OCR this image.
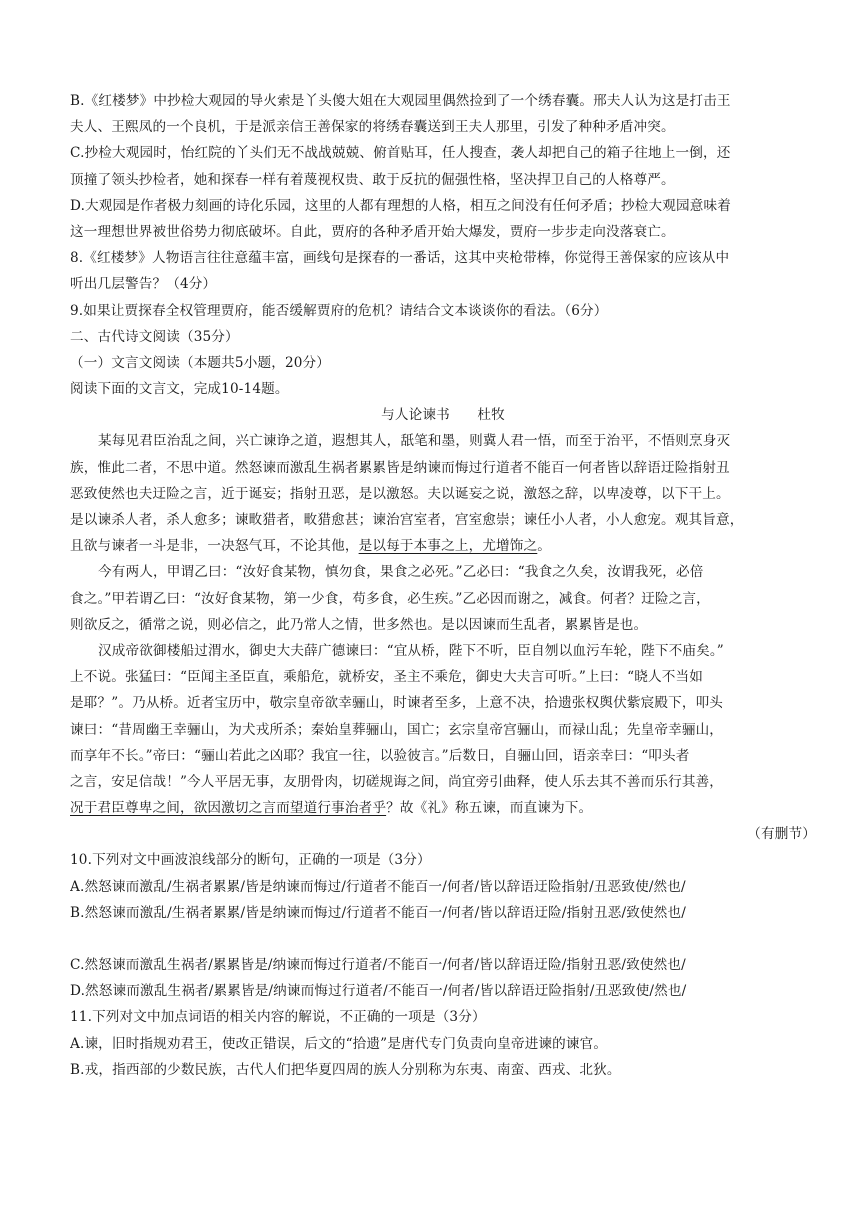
B.《红楼梦》中抄检大观园的导火索是丫头傻大姐在大观园里偶然捡到了一个绣春囊。邢夫人认为这是打击王
夫人、王熙凤的一个良机，于是派亲信王善保家的将绣春囊送到王夫人那里，引发了种种矛盾冲突。
C.抄检大观园时，怡红院的丫头们无不战战兢兢、俯首贴耳，任人搜查，袭人却把自己的箱子往地上一倒，还
顶撞了领头抄检者，她和探春一样有着蔑视权贵、敢于反抗的倔强性格，坚决捍卫自己的人格尊严。
D.大观园是作者极力刻画的诗化乐园，这里的人都有理想的人格，相互之间没有任何矛盾；抄检大观园意味着
这一理想世界被世俗势力彻底破坏。自此，贾府的各种矛盾开始大爆发，贾府一步步走向没落衰亡。
8.《红楼梦》人物语言往往意蕴丰富，画线句是探春的一番话，这其中夹枪带棒，你觉得王善保家的应该从中
听出几层警告？（4分）
9.如果让贾探春全权管理贾府，能否缓解贾府的危机？请结合文本谈谈你的看法。（6分）
二、古代诗文阅读（35分）
（一）文言文阅读（本题共5小题，20分）
阅读下面的文言文，完成10-14题。
与人论谏书　　杜牧
某每见君臣治乱之间，兴亡谏诤之道，遐想其人，舐笔和墨，则冀人君一悟，而至于治平，不悟则烹身灭
族，惟此二者，不思中道。然怒谏而激乱生祸者累累皆是纳谏而悔过行道者不能百一何者皆以辞语迂险指射丑
恶致使然也夫迂险之言，近于诞妄；指射丑恶，是以激怒。夫以诞妄之说，激怒之辞，以卑凌尊，以下干上。
是以谏杀人者，杀人愈多；谏畋猎者，畋猎愈甚；谏治宫室者，宫室愈崇；谏任小人者，小人愈宠。观其旨意，
且欲与谏者一斗是非，一决怒气耳，不论其他，是以每于本事之上，尤增饰之。
今有两人，甲谓乙曰：“汝好食某物，慎勿食，果食之必死。”乙必曰：“我食之久矣，汝谓我死，必倍
食之。”甲若谓乙曰：“汝好食某物，第一少食，苟多食，必生疾。”乙必因而谢之，减食。何者？迂险之言，
则欲反之，循常之说，则必信之，此乃常人之情，世多然也。是以因谏而生乱者，累累皆是也。
汉成帝欲御楼船过渭水，御史大夫薛广德谏曰：“宜从桥，陛下不听，臣自刎以血污车轮，陛下不庙矣。”
上不说。张猛曰：“臣闻主圣臣直，乘船危，就桥安，圣主不乘危，御史大夫言可听。”上曰：“晓人不当如
是耶？”。乃从桥。近者宝历中，敬宗皇帝欲幸骊山，时谏者至多，上意不决，拾遗张权舆伏紫宸殿下，叩头
谏曰：“昔周幽王幸骊山，为犬戎所杀；秦始皇葬骊山，国亡；玄宗皇帝宫骊山，而禄山乱；先皇帝幸骊山，
而享年不长。”帝曰：“骊山若此之凶耶？我宜一往，以验彼言。”后数日，自骊山回，语亲幸曰：“叩头者
之言，安足信哉！”今人平居无事，友朋骨肉，切磋规诲之间，尚宜旁引曲释，使人乐去其不善而乐行其善，
况于君臣尊卑之间，欲因激切之言而望道行事治者乎？故《礼》称五谏，而直谏为下。
（有删节）
10.下列对文中画波浪线部分的断句，正确的一项是（3分）
A.然怒谏而激乱/生祸者累累/皆是纳谏而悔过/行道者不能百一/何者/皆以辞语迂险指射/丑恶致使/然也/
B.然怒谏而激乱/生祸者累累/皆是纳谏而悔过/行道者不能百一/何者/皆以辞语迂险/指射丑恶/致使然也/
C.然怒谏而激乱生祸者/累累皆是/纳谏而悔过行道者/不能百一/何者/皆以辞语迂险/指射丑恶/致使然也/
D.然怒谏而激乱生祸者/累累皆是/纳谏而悔过行道者/不能百一/何者/皆以辞语迂险指射/丑恶致使/然也/
11.下列对文中加点词语的相关内容的解说，不正确的一项是（3分）
A.谏，旧时指规劝君王，使改正错误，后文的“拾遗”是唐代专门负责向皇帝进谏的谏官。
B.戎，指西部的少数民族，古代人们把华夏四周的族人分别称为东夷、南蛮、西戎、北狄。
